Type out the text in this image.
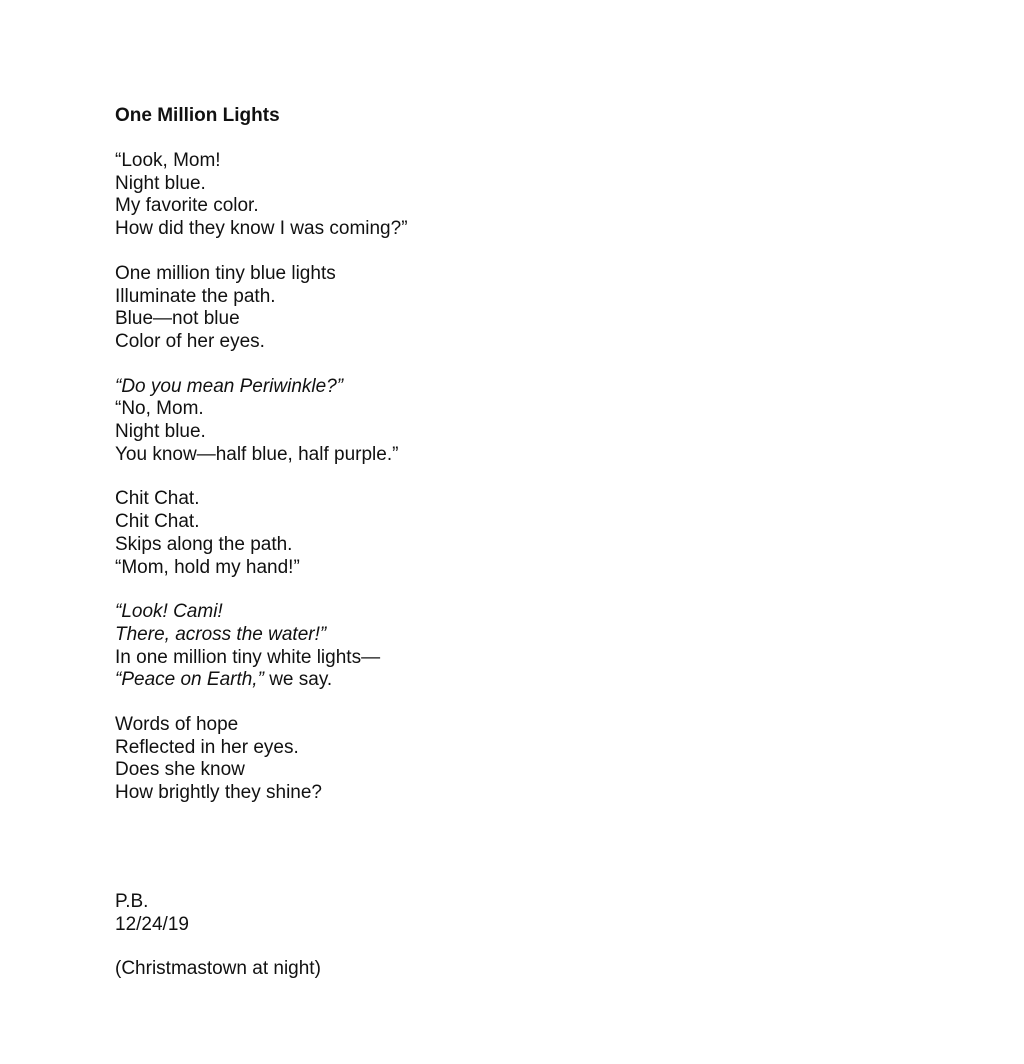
One Million Lights

“Look, Mom!

Night blue.

My favorite color.

How did they know I was coming?”

One million tiny blue lights

Illuminate the path.

Blue—not blue

Color of her eyes.

“Do you mean Periwinkle?”

“No, Mom.

Night blue.

You know—half blue, half purple.”

Chit Chat.

Chit Chat.

Skips along the path.

“Mom, hold my hand!”

“Look! Cami!

There, across the water!”

In one million tiny white lights—

“Peace on Earth,” we say.

Words of hope

Reflected in her eyes.

Does she know

How brightly they shine?

P.B.

12/24/19

(Christmastown at night)
